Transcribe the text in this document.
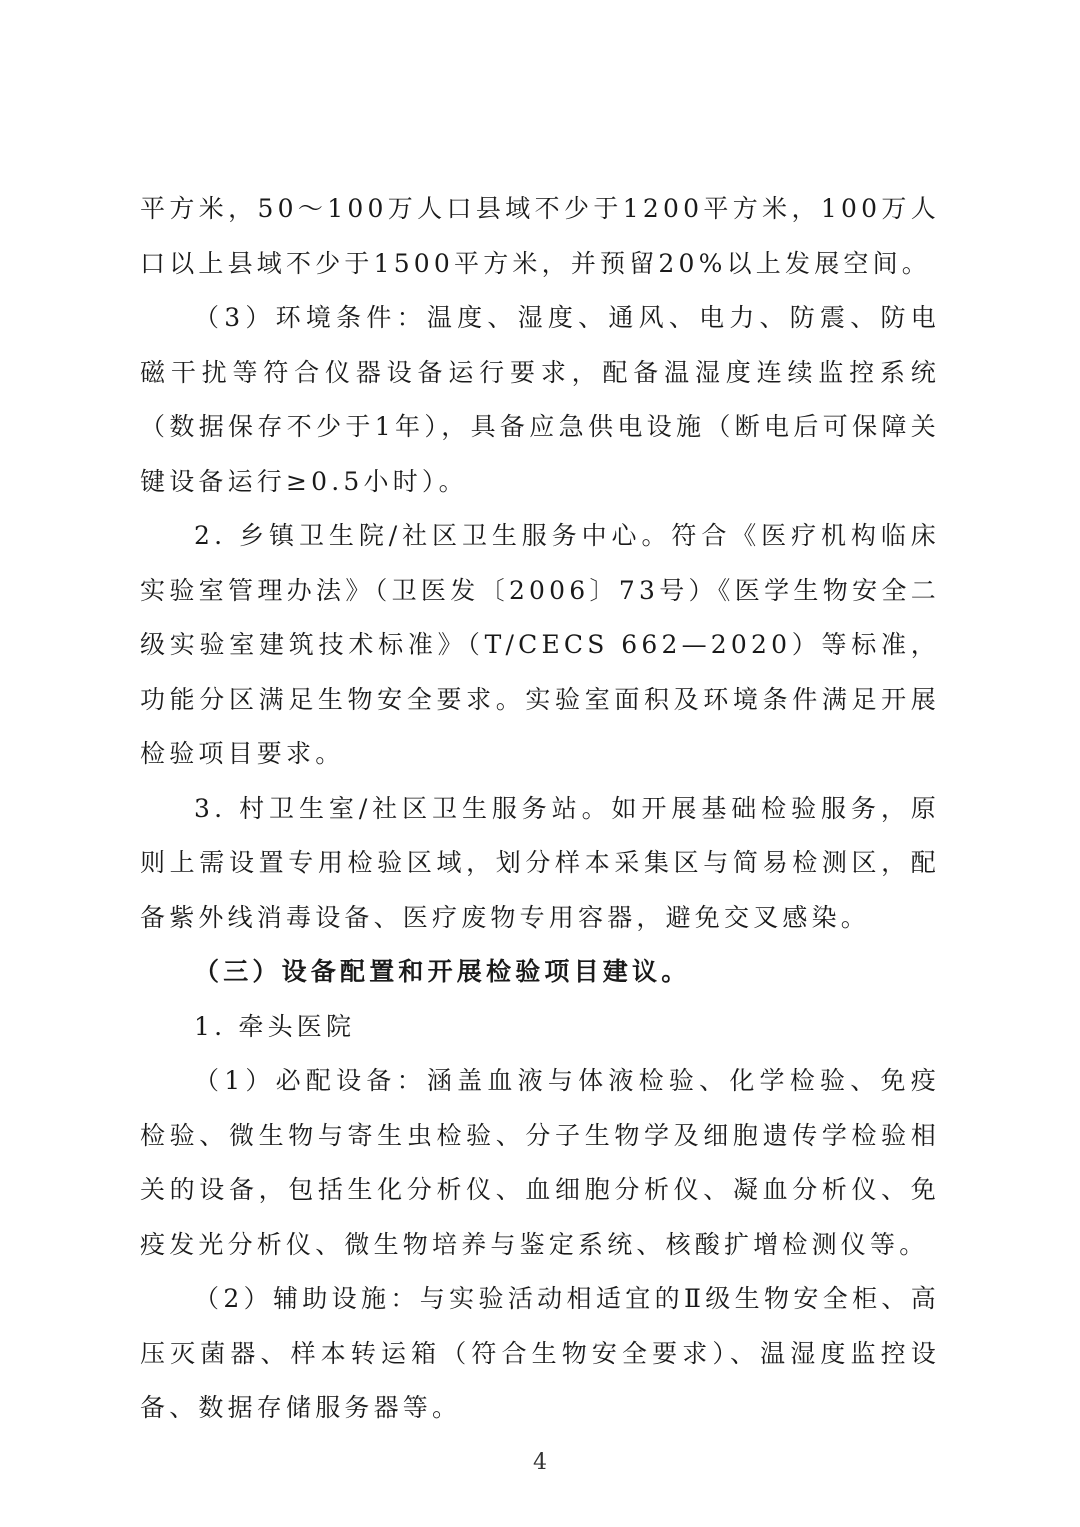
平方米，50～100万人口县域不少于1200平方米，100万人口以上县域不少于1500平方米，并预留20%以上发展空间。

（3）环境条件：温度、湿度、通风、电力、防震、防电磁干扰等符合仪器设备运行要求，配备温湿度连续监控系统（数据保存不少于1年），具备应急供电设施（断电后可保障关键设备运行≥0.5小时）。

2. 乡镇卫生院/社区卫生服务中心。符合《医疗机构临床实验室管理办法》（卫医发〔2006〕73号）《医学生物安全二级实验室建筑技术标准》（T/CECS 662—2020）等标准，功能分区满足生物安全要求。实验室面积及环境条件满足开展检验项目要求。

3. 村卫生室/社区卫生服务站。如开展基础检验服务，原则上需设置专用检验区域，划分样本采集区与简易检测区，配备紫外线消毒设备、医疗废物专用容器，避免交叉感染。

（三）设备配置和开展检验项目建议。

1. 牵头医院

（1）必配设备：涵盖血液与体液检验、化学检验、免疫检验、微生物与寄生虫检验、分子生物学及细胞遗传学检验相关的设备，包括生化分析仪、血细胞分析仪、凝血分析仪、免疫发光分析仪、微生物培养与鉴定系统、核酸扩增检测仪等。

（2）辅助设施：与实验活动相适宜的Ⅱ级生物安全柜、高压灭菌器、样本转运箱（符合生物安全要求）、温湿度监控设备、数据存储服务器等。

4
